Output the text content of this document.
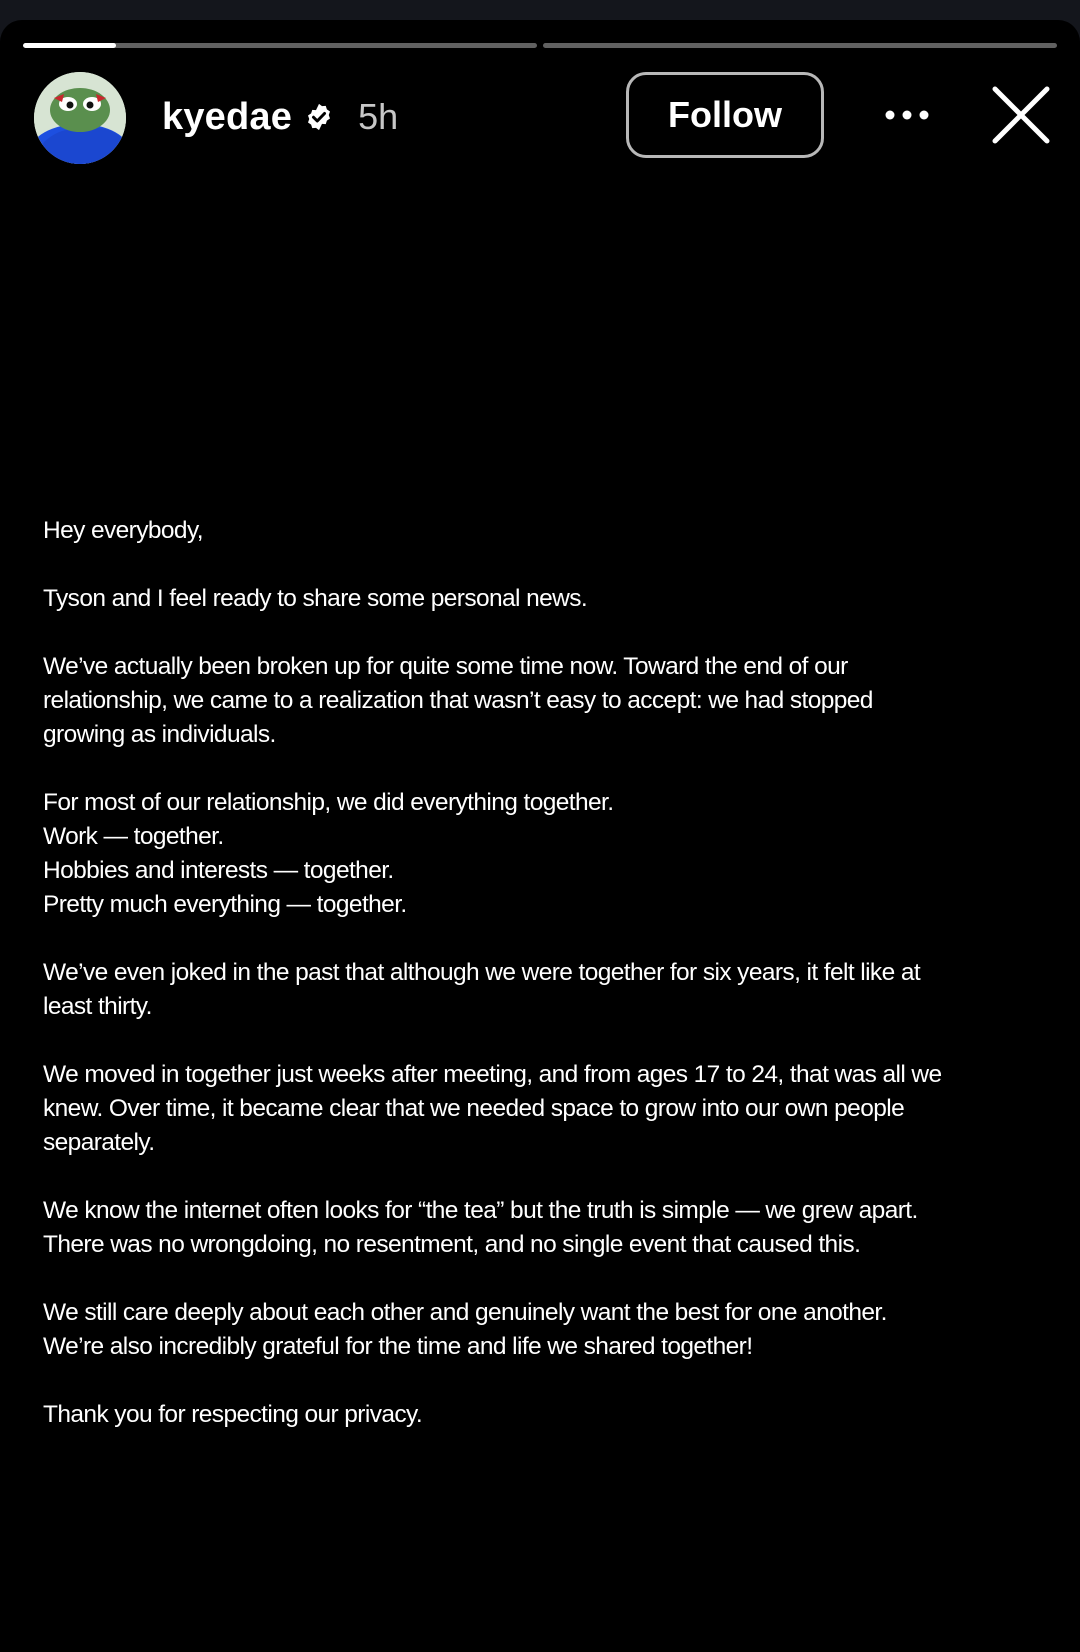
kyedae 5h	Follow

Hey everybody,

Tyson and I feel ready to share some personal news.

We’ve actually been broken up for quite some time now. Toward the end of our
relationship, we came to a realization that wasn’t easy to accept: we had stopped
growing as individuals.

For most of our relationship, we did everything together.
Work — together.
Hobbies and interests — together.
Pretty much everything — together.

We’ve even joked in the past that although we were together for six years, it felt like at
least thirty.

We moved in together just weeks after meeting, and from ages 17 to 24, that was all we
knew. Over time, it became clear that we needed space to grow into our own people
separately.

We know the internet often looks for “the tea” but the truth is simple — we grew apart.
There was no wrongdoing, no resentment, and no single event that caused this.

We still care deeply about each other and genuinely want the best for one another.
We’re also incredibly grateful for the time and life we shared together!

Thank you for respecting our privacy.
